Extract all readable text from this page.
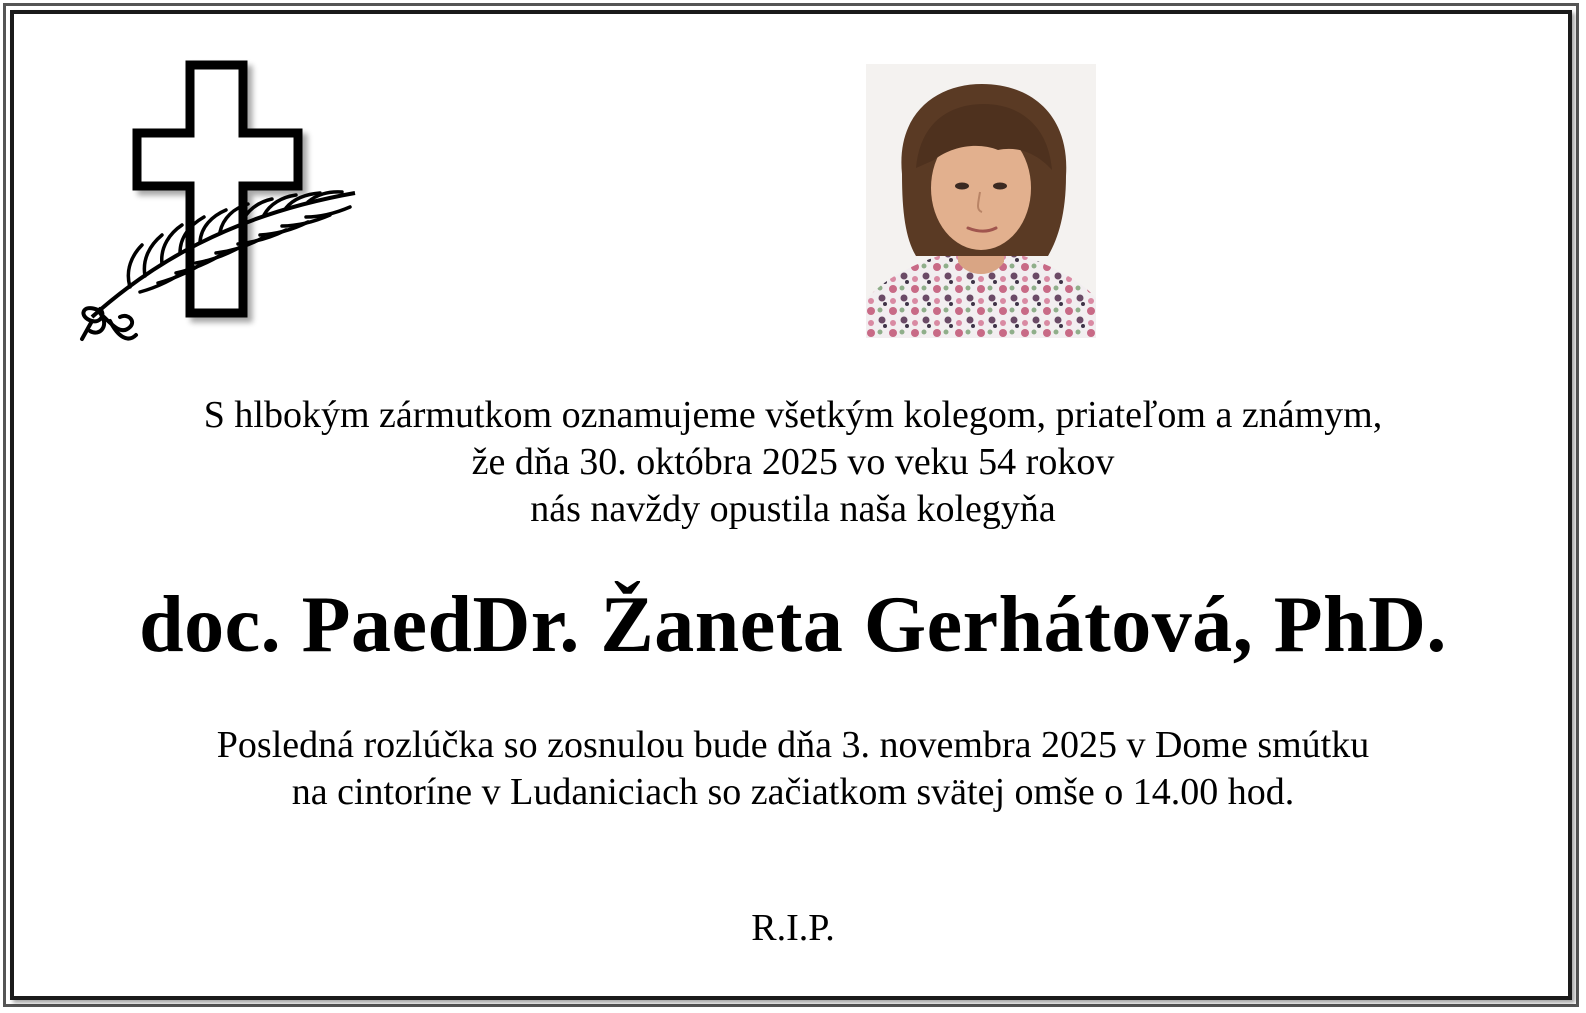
S hlbokým zármutkom oznamujeme všetkým kolegom, priateľom a známym,
že dňa 30. októbra 2025 vo veku 54 rokov
nás navždy opustila naša kolegyňa
doc. PaedDr. Žaneta Gerhátová, PhD.
Posledná rozlúčka so zosnulou bude dňa 3. novembra 2025 v Dome smútku
na cintoríne v Ludaniciach so začiatkom svätej omše o 14.00 hod.
R.I.P.
